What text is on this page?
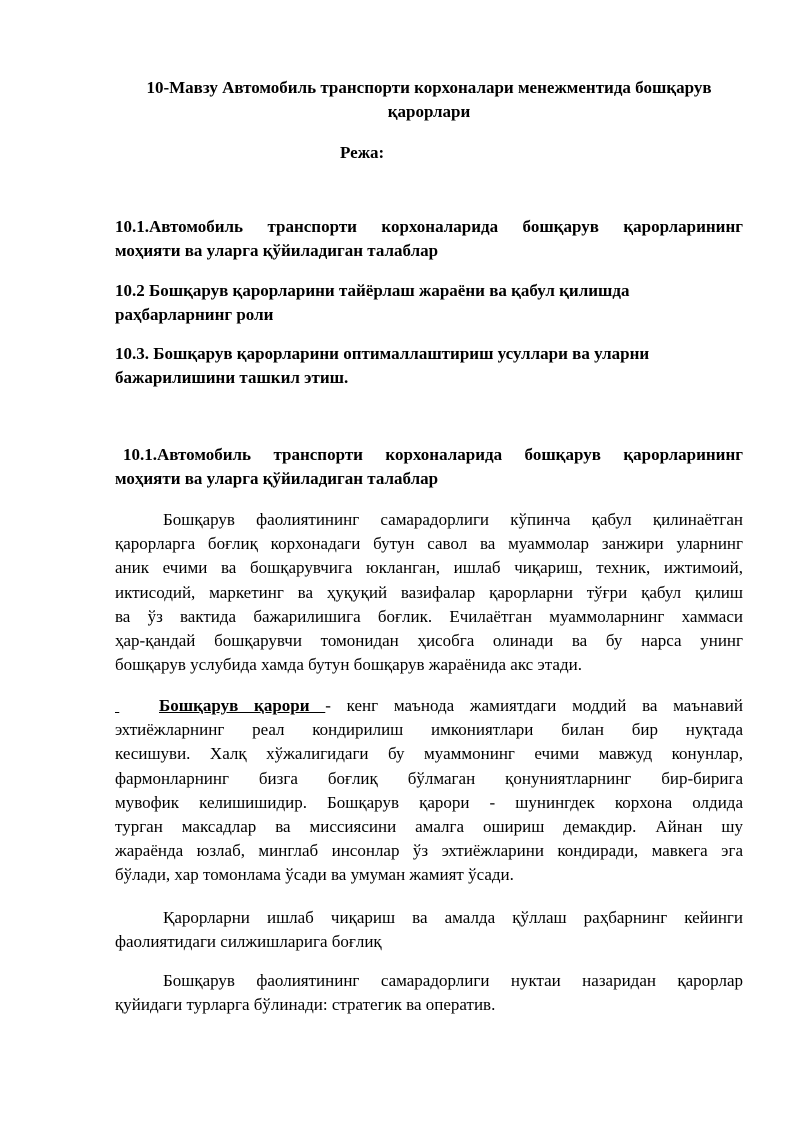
10-Мавзу Автомобиль транспорти корхоналари менежментида бошқарув
қарорлари
Режа:
10.1.Автомобиль транспорти корхоналарида бошқарув қарорларининг
моҳияти ва уларга қўйиладиган талаблар
10.2 Бошқарув қарорларини тайёрлаш жараёни ва қабул қилишда
раҳбарларнинг роли
10.3. Бошқарув қарорларини оптималлаштириш усуллари ва уларни
бажарилишини ташкил этиш.
10.1.Автомобиль транспорти корхоналарида бошқарув қарорларининг
моҳияти ва уларга қўйиладиган талаблар
Бошқарув фаолиятининг самарадорлиги кўпинча қабул қилинаётган
қарорларга боғлиқ корхонадаги бутун савол ва муаммолар занжири уларнинг
аник ечими ва бошқарувчига юкланган, ишлаб чиқариш, техник, ижтимоий,
иктисодий, маркетинг ва ҳуқуқий вазифалар қарорларни тўғри қабул қилиш
ва ўз вактида бажарилишига боғлик. Ечилаётган муаммоларнинг хаммаси
ҳар-қандай бошқарувчи томонидан ҳисобга олинади ва бу нарса унинг
бошқарув услубида хамда бутун бошқарув жараёнида акс этади.
Бошқарув қарори - кенг маънода жамиятдаги моддий ва маънавий
эхтиёжларнинг реал кондирилиш имкониятлари билан бир нуқтада
кесишуви. Халқ хўжалигидаги бу муаммонинг ечими мавжуд конунлар,
фармонларнинг бизга боғлиқ бўлмаган қонуниятларнинг бир-бирига
мувофик келишишидир. Бошқарув қарори - шунингдек корхона олдида
турган максадлар ва миссиясини амалга ошириш демакдир. Айнан шу
жараёнда юзлаб, минглаб инсонлар ўз эхтиёжларини кондиради, мавкега эга
бўлади, хар томонлама ўсади ва умуман жамият ўсади.
Қарорларни ишлаб чиқариш ва амалда қўллаш раҳбарнинг кейинги
фаолиятидаги силжишларига боғлиқ
Бошқарув фаолиятининг самарадорлиги нуктаи назаридан қарорлар
қуйидаги турларга бўлинади: стратегик ва оператив.
